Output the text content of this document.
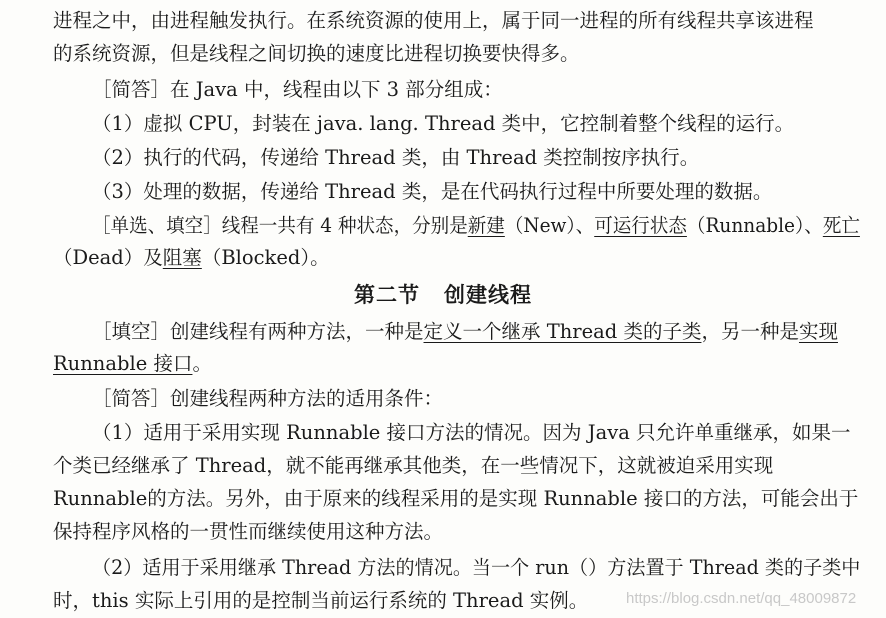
进程之中，由进程触发执行。在系统资源的使用上，属于同一进程的所有线程共享该进程
的系统资源，但是线程之间切换的速度比进程切换要快得多。
［简答］在 Java 中，线程由以下 3 部分组成：
（1）虚拟 CPU，封装在 java. lang. Thread 类中，它控制着整个线程的运行。
（2）执行的代码，传递给 Thread 类，由 Thread 类控制按序执行。
（3）处理的数据，传递给 Thread 类，是在代码执行过程中所要处理的数据。
［单选、填空］线程一共有 4 种状态，分别是新建（New）、可运行状态（Runnable）、死亡
（Dead）及阻塞（Blocked）。
第二节 创建线程
［填空］创建线程有两种方法，一种是定义一个继承 Thread 类的子类，另一种是实现
Runnable 接口。
［简答］创建线程两种方法的适用条件：
（1）适用于采用实现 Runnable 接口方法的情况。因为 Java 只允许单重继承，如果一
个类已经继承了 Thread，就不能再继承其他类，在一些情况下，这就被迫采用实现
Runnable的方法。另外，由于原来的线程采用的是实现 Runnable 接口的方法，可能会出于
保持程序风格的一贯性而继续使用这种方法。
（2）适用于采用继承 Thread 方法的情况。当一个 run（）方法置于 Thread 类的子类中
时，this 实际上引用的是控制当前运行系统的 Thread 实例。	https://blog.csdn.net/qq_48009872
